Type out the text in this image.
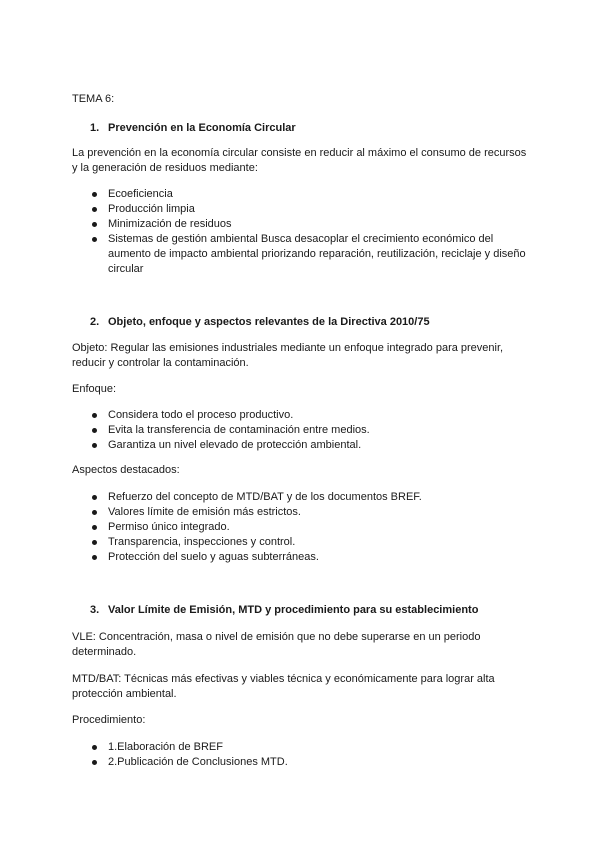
TEMA 6:

1. Prevención en la Economía Circular

La prevención en la economía circular consiste en reducir al máximo el consumo de recursos y la generación de residuos mediante:

Ecoeficiencia
Producción limpia
Minimización de residuos
Sistemas de gestión ambiental Busca desacoplar el crecimiento económico del aumento de impacto ambiental priorizando reparación, reutilización, reciclaje y diseño circular

2. Objeto, enfoque y aspectos relevantes de la Directiva 2010/75

Objeto: Regular las emisiones industriales mediante un enfoque integrado para prevenir, reducir y controlar la contaminación.

Enfoque:

Considera todo el proceso productivo.
Evita la transferencia de contaminación entre medios.
Garantiza un nivel elevado de protección ambiental.

Aspectos destacados:

Refuerzo del concepto de MTD/BAT y de los documentos BREF.
Valores límite de emisión más estrictos.
Permiso único integrado.
Transparencia, inspecciones y control.
Protección del suelo y aguas subterráneas.

3. Valor Límite de Emisión, MTD y procedimiento para su establecimiento

VLE: Concentración, masa o nivel de emisión que no debe superarse en un periodo determinado.

MTD/BAT: Técnicas más efectivas y viables técnica y económicamente para lograr alta protección ambiental.

Procedimiento:

1.Elaboración de BREF
2.Publicación de Conclusiones MTD.
